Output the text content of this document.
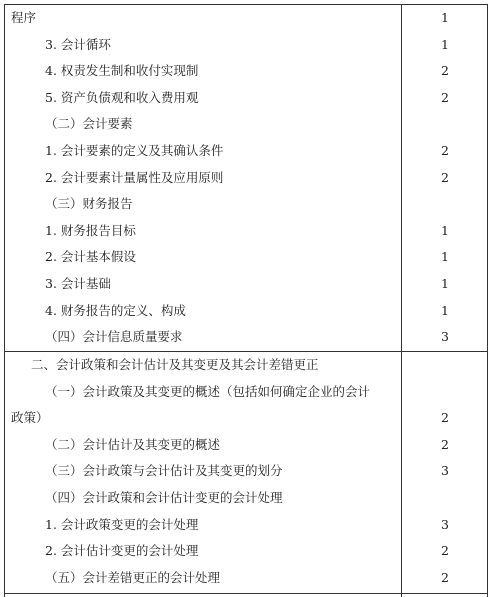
程序	1
3. 会计循环	1
4. 权责发生制和收付实现制	2
5. 资产负债观和收入费用观	2
（二）会计要素
1. 会计要素的定义及其确认条件	2
2. 会计要素计量属性及应用原则	2
（三）财务报告
1. 财务报告目标	1
2. 会计基本假设	1
3. 会计基础	1
4. 财务报告的定义、构成	1
（四）会计信息质量要求	3
二、会计政策和会计估计及其变更及其会计差错更正
（一）会计政策及其变更的概述（包括如何确定企业的会计
政策）	2
（二）会计估计及其变更的概述	2
（三）会计政策与会计估计及其变更的划分	3
（四）会计政策和会计估计变更的会计处理
1. 会计政策变更的会计处理	3
2. 会计估计变更的会计处理	2
（五）会计差错更正的会计处理	2
